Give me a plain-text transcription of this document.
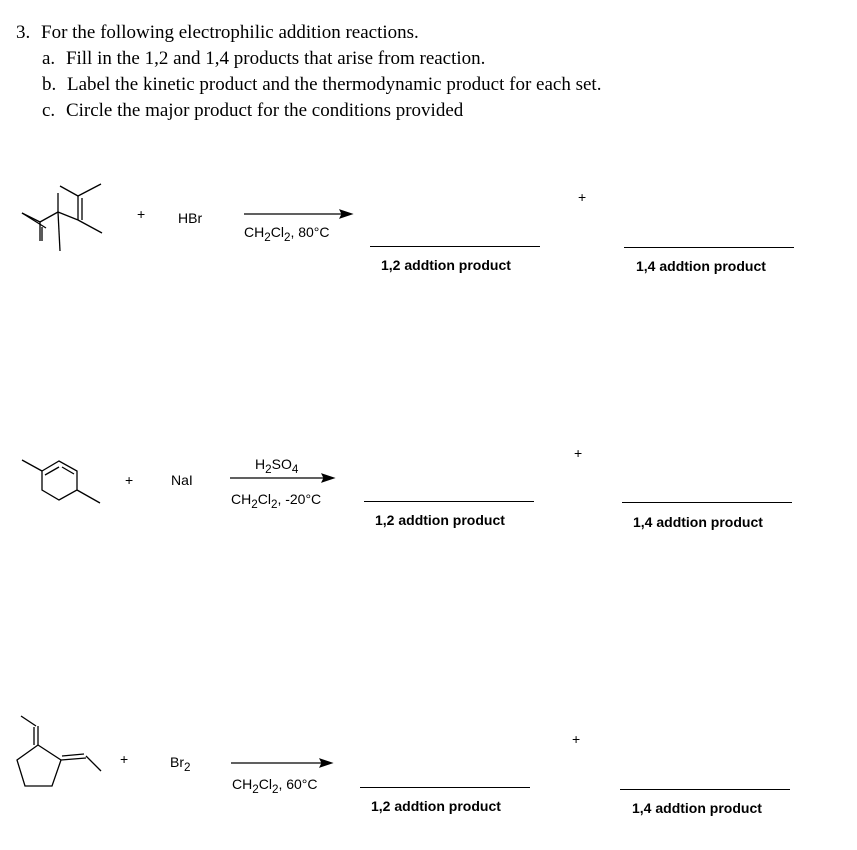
3. For the following electrophilic addition reactions.
a. Fill in the 1,2 and 1,4 products that arise from reaction.
b. Label the kinetic product and the thermodynamic product for each set.
c. Circle the major product for the conditions provided
+ HBr
$CH_2Cl_2$, 80°C
+
1,2 addtion product	1,4 addtion product
+	NaI
$H_2SO_4$
$CH_2Cl_2$, -20°C
+
1,2 addtion product	1,4 addtion product
+	$Br_2$
$CH_2Cl_2$, 60°C
+
1,2 addtion product	1,4 addtion product
